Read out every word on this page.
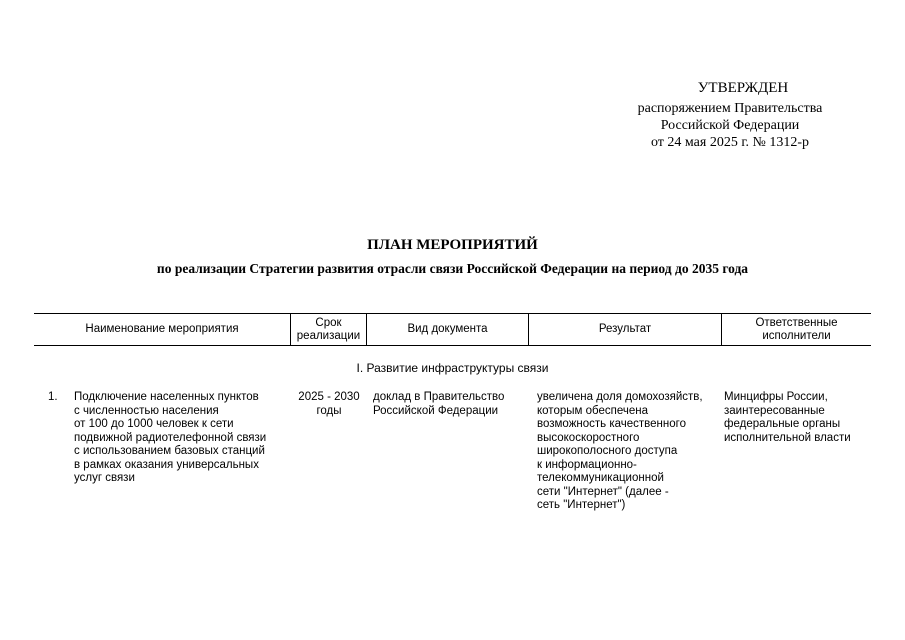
УТВЕРЖДЕН
распоряжением Правительства
Российской Федерации
от 24 мая 2025 г. № 1312-р
ПЛАН МЕРОПРИЯТИЙ
по реализации Стратегии развития отрасли связи Российской Федерации на период до 2035 года
Наименование мероприятия
Срок
реализации
Вид документа	Результат
Ответственные
исполнители
I. Развитие инфраструктуры связи
1.	Подключение населенных пунктов
с численностью населения
от 100 до 1000 человек к сети
подвижной радиотелефонной связи
с использованием базовых станций
в рамках оказания универсальных
услуг связи
2025 - 2030
годы
доклад в Правительство
Российской Федерации
увеличена доля домохозяйств,
которым обеспечена
возможность качественного
высокоскоростного
широкополосного доступа
к информационно-
телекоммуникационной
сети "Интернет" (далее -
сеть "Интернет")
Минцифры России,
заинтересованные
федеральные органы
исполнительной власти
